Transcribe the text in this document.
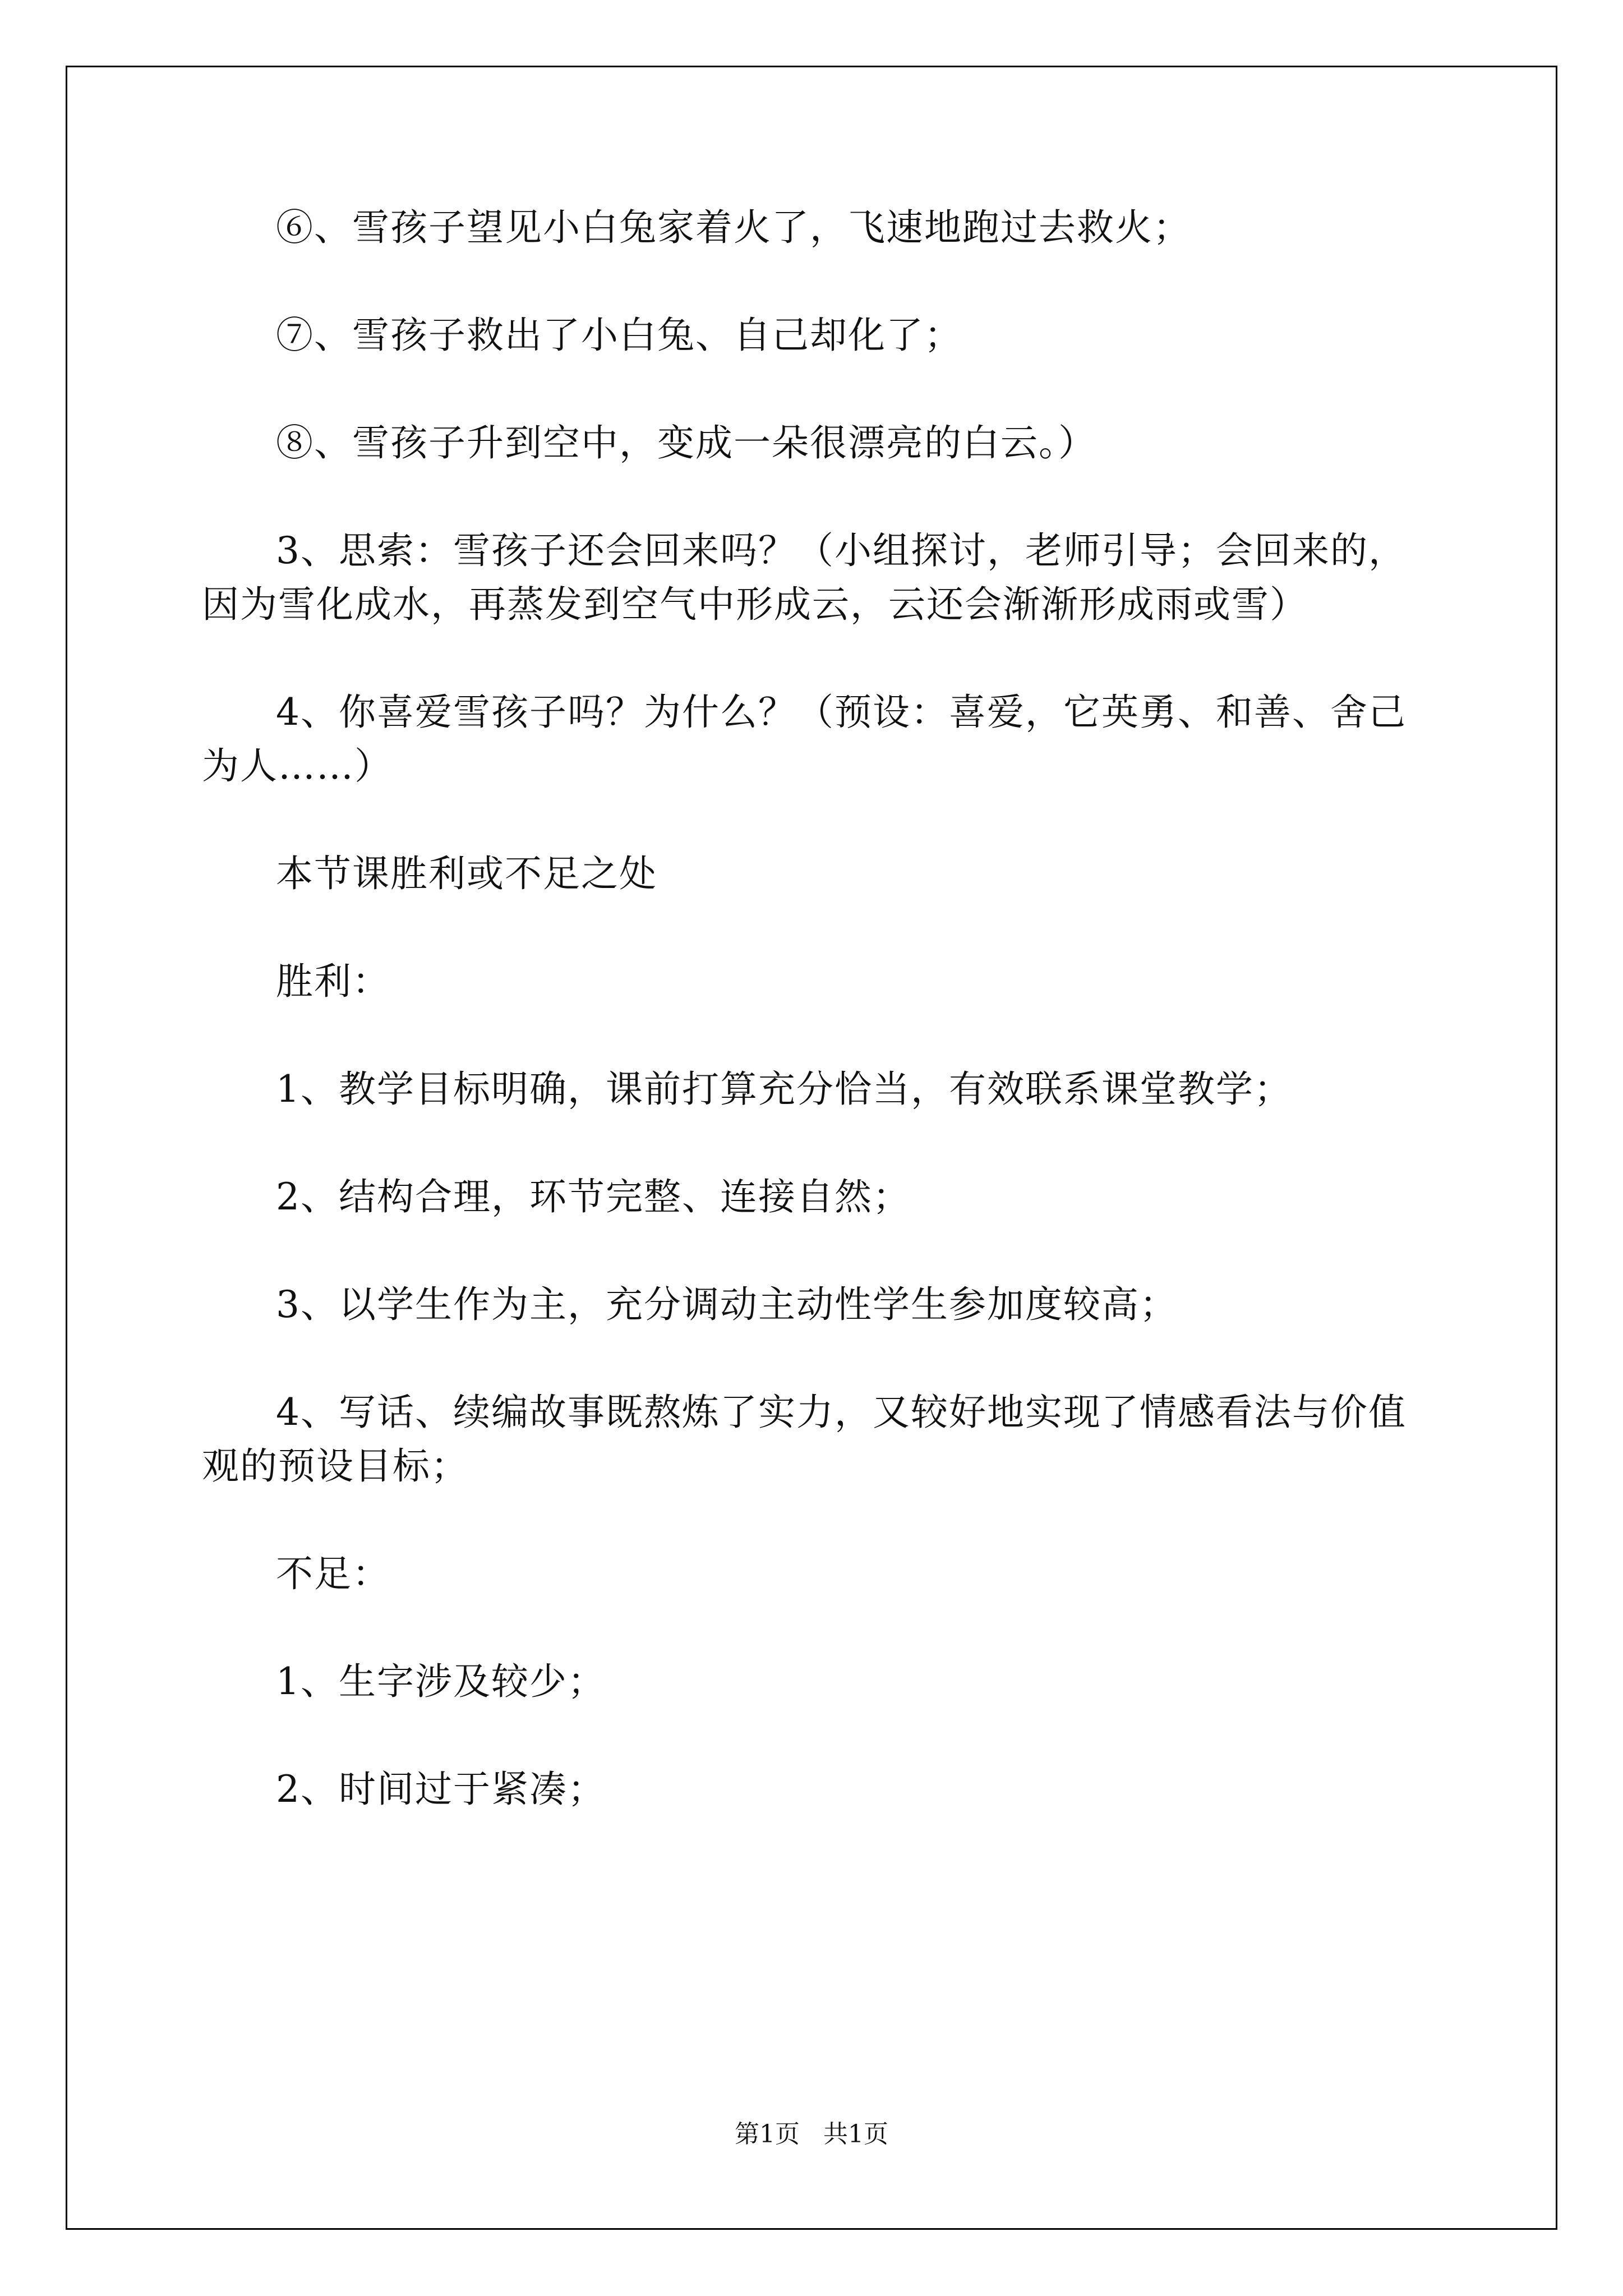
⑥、雪孩子望见小白兔家着火了，飞速地跑过去救火；

⑦、雪孩子救出了小白兔、自己却化了；

⑧、雪孩子升到空中，变成一朵很漂亮的白云。）

3、思索：雪孩子还会回来吗？（小组探讨，老师引导；会回来的，因为雪化成水，再蒸发到空气中形成云，云还会渐渐形成雨或雪）

4、你喜爱雪孩子吗？为什么？（预设：喜爱，它英勇、和善、舍己为人……）

本节课胜利或不足之处

胜利：

1、教学目标明确，课前打算充分恰当，有效联系课堂教学；

2、结构合理，环节完整、连接自然；

3、以学生作为主，充分调动主动性学生参加度较高；

4、写话、续编故事既熬炼了实力，又较好地实现了情感看法与价值观的预设目标；

不足：

1、生字涉及较少；

2、时间过于紧凑；

第1页 共1页
